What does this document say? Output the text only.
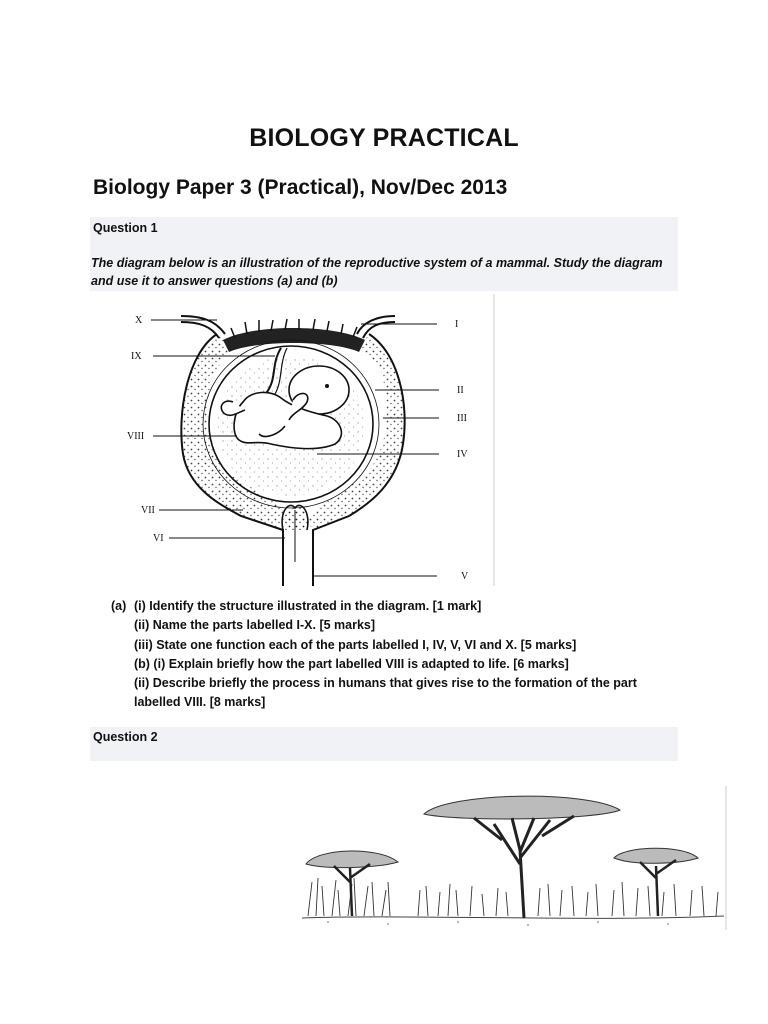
BIOLOGY PRACTICAL
Biology Paper 3 (Practical), Nov/Dec 2013
Question 1
The diagram below is an illustration of the reproductive system of a mammal. Study the diagram and use it to answer questions (a) and (b)
X
IX
VIII
VII
VI
I
II
III
IV
V
(a) (i) Identify the structure illustrated in the diagram. [1 mark]
(ii) Name the parts labelled I-X. [5 marks]
(iii) State one function each of the parts labelled I, IV, V, VI and X. [5 marks]
(b) (i) Explain briefly how the part labelled VIII is adapted to life. [6 marks]
(ii) Describe briefly the process in humans that gives rise to the formation of the part labelled VIII. [8 marks]
Question 2
